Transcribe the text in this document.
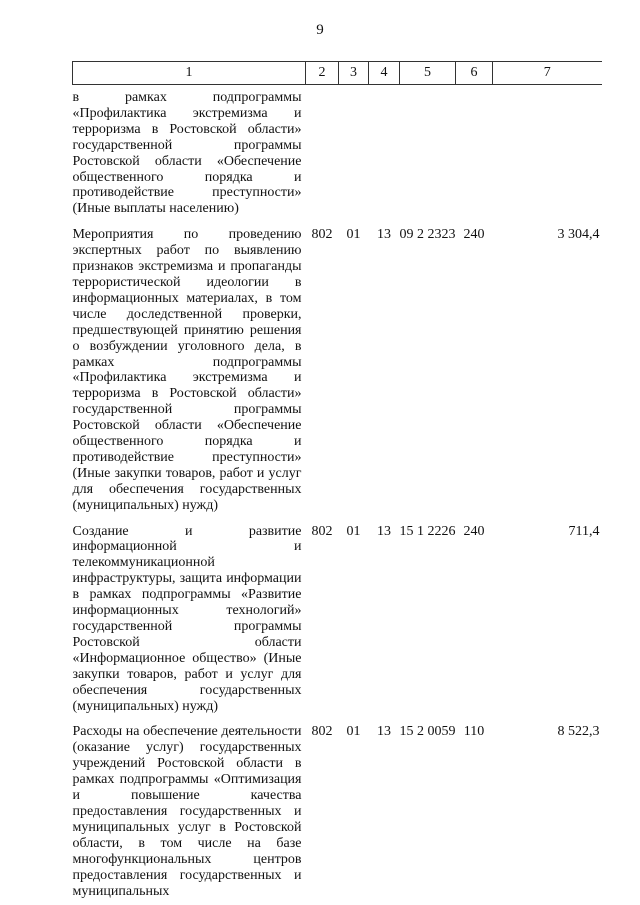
9
1	2	3	4	5	6	7
в рамках подпрограммы «Профилактика экстремизма и терроризма в Ростовской области» государственной программы Ростовской области «Обеспечение общественного порядка и противодействие преступности» (Иные выплаты населению)						
Мероприятия по проведению экспертных работ по выявлению признаков экстремизма и пропаганды террористической идеологии в информационных материалах, в том числе доследственной проверки, предшествующей принятию решения о возбуждении уголовного дела, в рамках подпрограммы «Профилактика экстремизма и терроризма в Ростовской области» государственной программы Ростовской области «Обеспечение общественного порядка и противодействие преступности» (Иные закупки товаров, работ и услуг для обеспечения государственных (муниципальных) нужд)	802	01	13	09 2 2323	240	3 304,4
Создание и развитие информационной и телекоммуникационной инфраструктуры, защита информации в рамках подпрограммы «Развитие информационных технологий» государственной программы Ростовской области «Информационное общество» (Иные закупки товаров, работ и услуг для обеспечения государственных (муниципальных) нужд)	802	01	13	15 1 2226	240	711,4
Расходы на обеспечение деятельности (оказание услуг) государственных учреждений Ростовской области в рамках подпрограммы «Оптимизация и повышение качества предоставления государственных и муниципальных услуг в Ростовской области, в том числе на базе многофункциональных центров предоставления государственных и муниципальных	802	01	13	15 2 0059	110	8 522,3
